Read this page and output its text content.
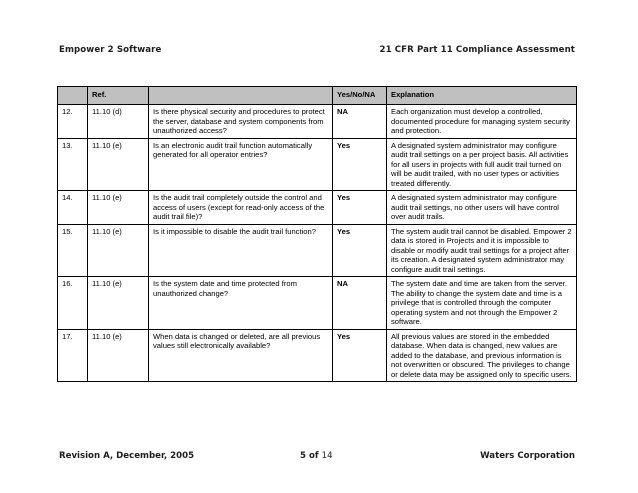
Empower 2 Software	21 CFR Part 11 Compliance Assessment
	Ref.		Yes/No/NA	Explanation
12.	11.10 (d)	Is there physical security and procedures to protect the server, database and system components from unauthorized access?	NA	Each organization must develop a controlled, documented procedure for managing system security and protection.
13.	11.10 (e)	Is an electronic audit trail function automatically generated for all operator entries?	Yes	A designated system administrator may configure audit trail settings on a per project basis. All activities for all users in projects with full audit trail turned on will be audit trailed, with no user types or activities treated differently.
14.	11.10 (e)	Is the audit trail completely outside the control and access of users (except for read-only access of the audit trail file)?	Yes	A designated system administrator may configure audit trail settings, no other users will have control over audit trails.
15.	11.10 (e)	Is it impossible to disable the audit trail function?	Yes	The system audit trail cannot be disabled. Empower 2 data is stored in Projects and it is impossible to disable or modify audit trail settings for a project after its creation. A designated system administrator may configure audit trail settings.
16.	11.10 (e)	Is the system date and time protected from unauthorized change?	NA	The system date and time are taken from the server. The ability to change the system date and time is a privilege that is controlled through the computer operating system and not through the Empower 2 software.
17.	11.10 (e)	When data is changed or deleted, are all previous values still electronically available?	Yes	All previous values are stored in the embedded database. When data is changed, new values are added to the database, and previous information is not overwritten or obscured. The privileges to change or delete data may be assigned only to specific users.
Revision A, December, 2005	5 of 14	Waters Corporation
